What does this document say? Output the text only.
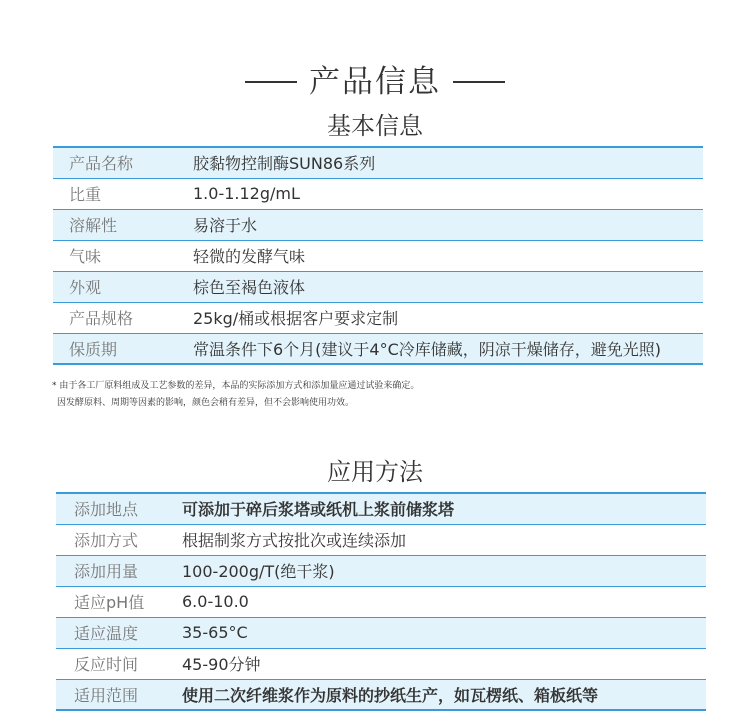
产品信息
基本信息
产品名称	胶黏物控制酶SUN86系列
比重	1.0-1.12g/mL
溶解性	易溶于水
气味	轻微的发酵气味
外观	棕色至褐色液体
产品规格	25kg/桶或根据客户要求定制
保质期	常温条件下6个月(建议于4°C冷库储藏，阴凉干燥储存，避免光照)
* 由于各工厂原料组成及工艺参数的差异，本品的实际添加方式和添加量应通过试验来确定。
因发酵原料、周期等因素的影响，颜色会稍有差异，但不会影响使用功效。
应用方法
添加地点	可添加于碎后浆塔或纸机上浆前储浆塔
添加方式	根据制浆方式按批次或连续添加
添加用量	100-200g/T(绝干浆)
适应pH值	6.0-10.0
适应温度	35-65°C
反应时间	45-90分钟
适用范围	使用二次纤维浆作为原料的抄纸生产，如瓦楞纸、箱板纸等
